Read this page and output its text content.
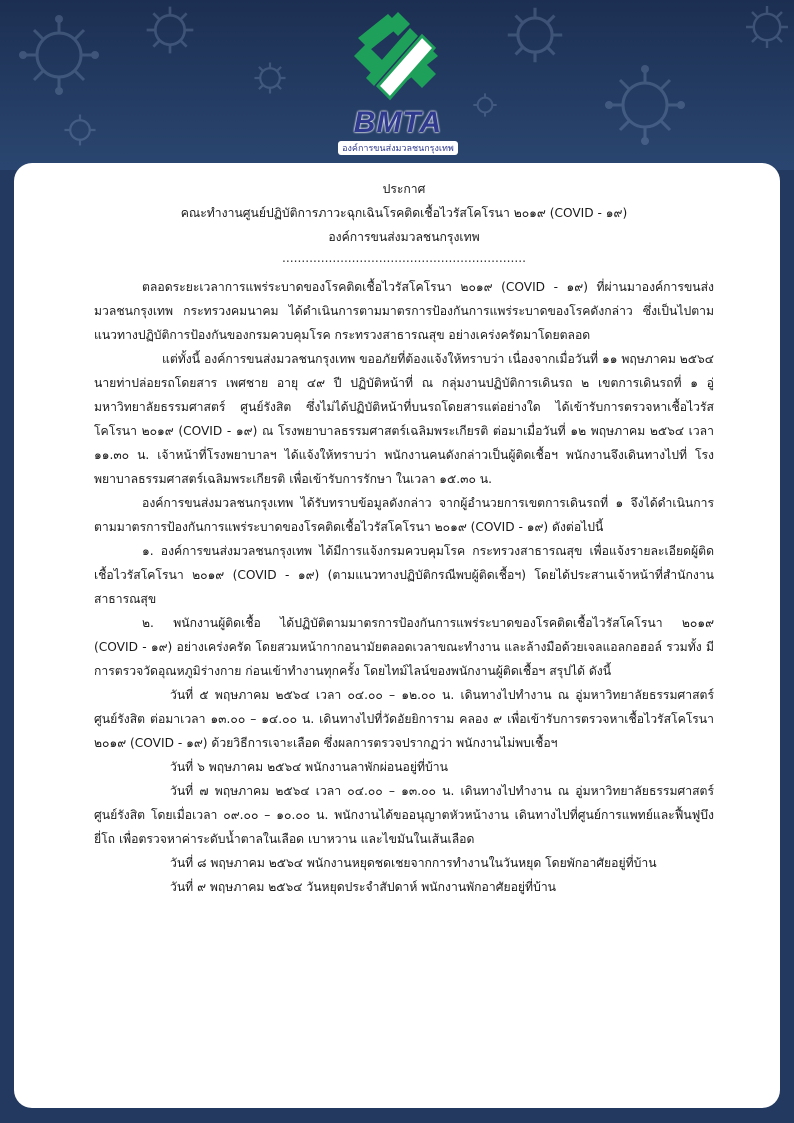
BMTA
องค์การขนส่งมวลชนกรุงเทพ
ประกาศ
คณะทำงานศูนย์ปฏิบัติการภาวะฉุกเฉินโรคติดเชื้อไวรัสโคโรนา ๒๐๑๙ (COVID - ๑๙)
องค์การขนส่งมวลชนกรุงเทพ
...............................................................
ตลอดระยะเวลาการแพร่ระบาดของโรคติดเชื้อไวรัสโคโรนา ๒๐๑๙ (COVID - ๑๙) ที่ผ่านมาองค์การขนส่งมวลชนกรุงเทพ กระทรวงคมนาคม ได้ดำเนินการตามมาตรการป้องกันการแพร่ระบาดของโรคดังกล่าว ซึ่งเป็นไปตามแนวทางปฏิบัติการป้องกันของกรมควบคุมโรค กระทรวงสาธารณสุข อย่างเคร่งครัดมาโดยตลอด
แต่ทั้งนี้ องค์การขนส่งมวลชนกรุงเทพ ขออภัยที่ต้องแจ้งให้ทราบว่า เนื่องจากเมื่อวันที่ ๑๑ พฤษภาคม ๒๕๖๔ นายท่าปล่อยรถโดยสาร เพศชาย อายุ ๔๙ ปี ปฏิบัติหน้าที่ ณ กลุ่มงานปฏิบัติการเดินรถ ๒ เขตการเดินรถที่ ๑ อู่มหาวิทยาลัยธรรมศาสตร์ ศูนย์รังสิต ซึ่งไม่ได้ปฏิบัติหน้าที่บนรถโดยสารแต่อย่างใด ได้เข้ารับการตรวจหาเชื้อไวรัสโคโรนา ๒๐๑๙ (COVID - ๑๙) ณ โรงพยาบาลธรรมศาสตร์เฉลิมพระเกียรติ ต่อมาเมื่อวันที่ ๑๒ พฤษภาคม ๒๕๖๔ เวลา ๑๑.๓๐ น. เจ้าหน้าที่โรงพยาบาลฯ ได้แจ้งให้ทราบว่า พนักงานคนดังกล่าวเป็นผู้ติดเชื้อฯ พนักงานจึงเดินทางไปที่ โรงพยาบาลธรรมศาสตร์เฉลิมพระเกียรติ เพื่อเข้ารับการรักษา ในเวลา ๑๕.๓๐ น.
องค์การขนส่งมวลชนกรุงเทพ ได้รับทราบข้อมูลดังกล่าว จากผู้อำนวยการเขตการเดินรถที่ ๑ จึงได้ดำเนินการตามมาตรการป้องกันการแพร่ระบาดของโรคติดเชื้อไวรัสโคโรนา ๒๐๑๙ (COVID - ๑๙) ดังต่อไปนี้
๑. องค์การขนส่งมวลชนกรุงเทพ ได้มีการแจ้งกรมควบคุมโรค กระทรวงสาธารณสุข เพื่อแจ้งรายละเอียดผู้ติดเชื้อไวรัสโคโรนา ๒๐๑๙ (COVID - ๑๙) (ตามแนวทางปฏิบัติกรณีพบผู้ติดเชื้อฯ) โดยได้ประสานเจ้าหน้าที่สำนักงานสาธารณสุข
๒. พนักงานผู้ติดเชื้อ ได้ปฏิบัติตามมาตรการป้องกันการแพร่ระบาดของโรคติดเชื้อไวรัสโคโรนา ๒๐๑๙ (COVID - ๑๙) อย่างเคร่งครัด โดยสวมหน้ากากอนามัยตลอดเวลาขณะทำงาน และล้างมือด้วยเจลแอลกอฮอล์ รวมทั้ง มีการตรวจวัดอุณหภูมิร่างกาย ก่อนเข้าทำงานทุกครั้ง โดยไทม์ไลน์ของพนักงานผู้ติดเชื้อฯ สรุปได้ ดังนี้
วันที่ ๕ พฤษภาคม ๒๕๖๔ เวลา ๐๔.๐๐ – ๑๒.๐๐ น. เดินทางไปทำงาน ณ อู่มหาวิทยาลัยธรรมศาสตร์ ศูนย์รังสิต ต่อมาเวลา ๑๓.๐๐ – ๑๔.๐๐ น. เดินทางไปที่วัดอัยยิการาม คลอง ๙ เพื่อเข้ารับการตรวจหาเชื้อไวรัสโคโรนา ๒๐๑๙ (COVID - ๑๙) ด้วยวิธีการเจาะเลือด ซึ่งผลการตรวจปรากฏว่า พนักงานไม่พบเชื้อฯ
วันที่ ๖ พฤษภาคม ๒๕๖๔ พนักงานลาพักผ่อนอยู่ที่บ้าน
วันที่ ๗ พฤษภาคม ๒๕๖๔ เวลา ๐๔.๐๐ – ๑๓.๐๐ น. เดินทางไปทำงาน ณ อู่มหาวิทยาลัยธรรมศาสตร์ ศูนย์รังสิต โดยเมื่อเวลา ๐๙.๐๐ – ๑๐.๐๐ น. พนักงานได้ขออนุญาตหัวหน้างาน เดินทางไปที่ศูนย์การแพทย์และฟื้นฟูบึงยี่โถ เพื่อตรวจหาค่าระดับน้ำตาลในเลือด เบาหวาน และไขมันในเส้นเลือด
วันที่ ๘ พฤษภาคม ๒๕๖๔ พนักงานหยุดชดเชยจากการทำงานในวันหยุด โดยพักอาศัยอยู่ที่บ้าน
วันที่ ๙ พฤษภาคม ๒๕๖๔ วันหยุดประจำสัปดาห์ พนักงานพักอาศัยอยู่ที่บ้าน
